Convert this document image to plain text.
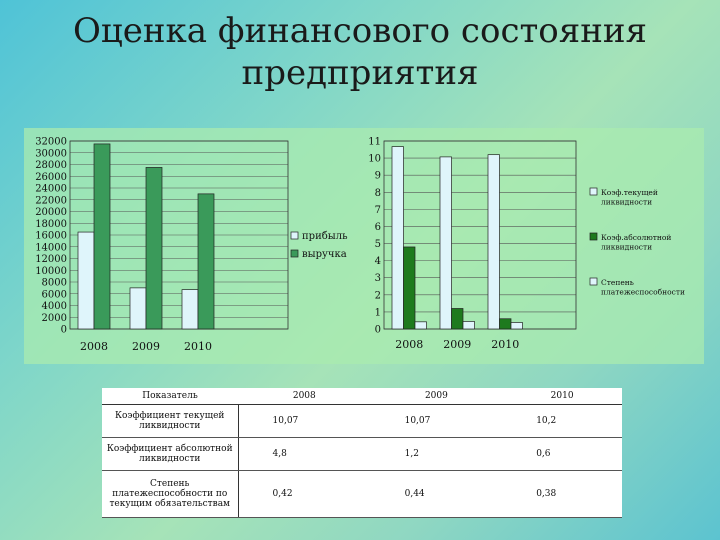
Оценка финансового состояния предприятия
0
2000
4000
6000
8000
10000
12000
14000
16000
18000
20000
22000
24000
26000
28000
30000
32000
2008 2009 2010
прибыль
выручка
0
1
2
3
4
5
6
7
8
9
10
11
2008 2009 2010
Коэф.текущей ликвидности
Коэф.абсолютной ликвидности
Степень платежеспособности
Показатель	2008	2009	2010
Коэффициент текущей ликвидности	10,07	10,07	10,2
Коэффициент абсолютной ликвидности	4,8	1,2	0,6
Степень платежеспособности по текущим обязательствам	0,42	0,44	0,38
